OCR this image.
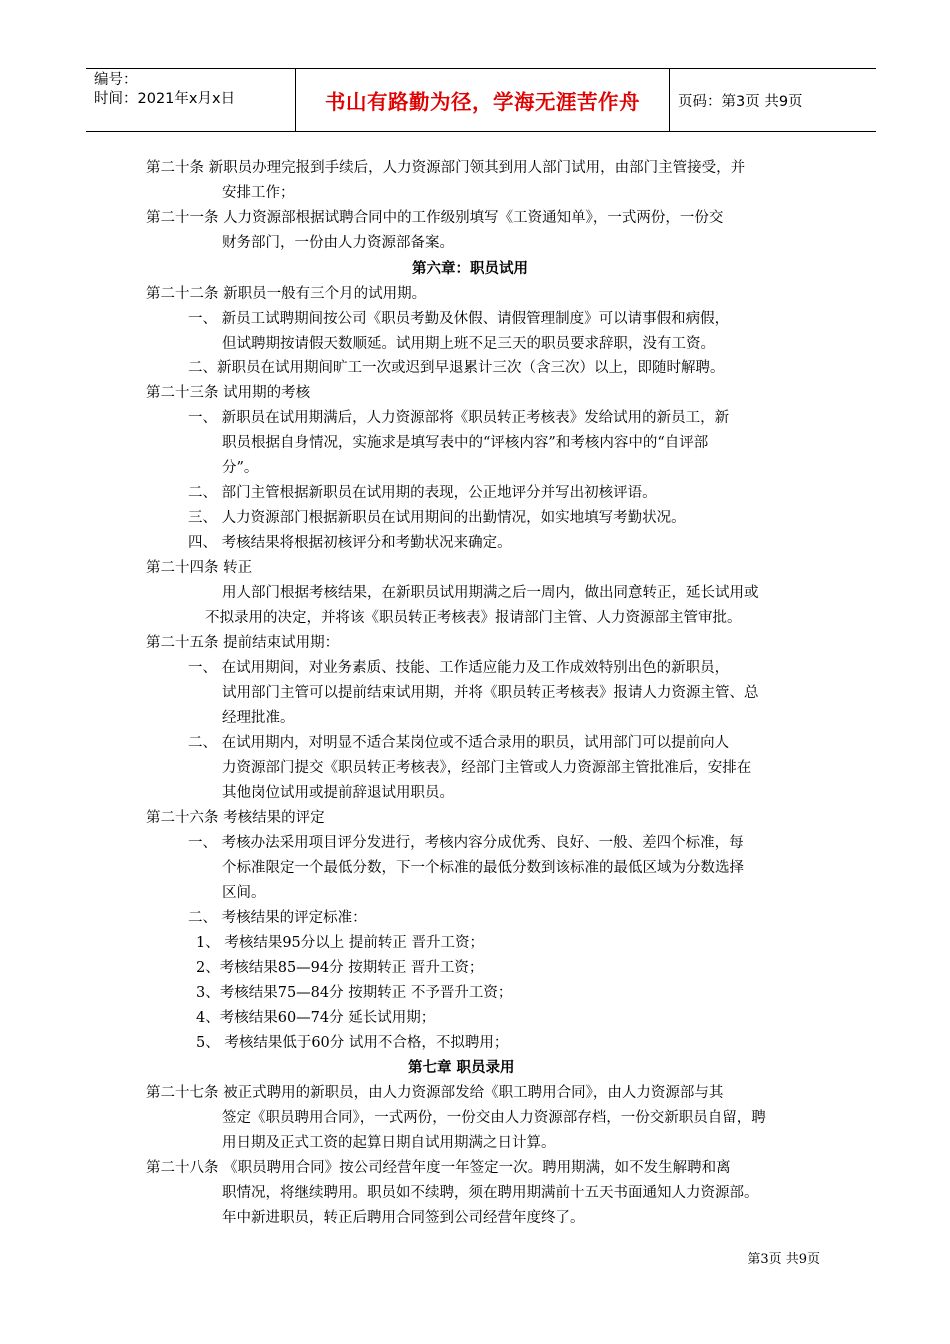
编号：
时间：2021年x月x日	书山有路勤为径，学海无涯苦作舟	页码：第3页 共9页
第二十条 新职员办理完报到手续后，人力资源部门领其到用人部门试用，由部门主管接受，并
安排工作；
第二十一条 人力资源部根据试聘合同中的工作级别填写《工资通知单》，一式两份，一份交
财务部门，一份由人力资源部备案。
第六章：职员试用
第二十二条 新职员一般有三个月的试用期。
一、 新员工试聘期间按公司《职员考勤及休假、请假管理制度》可以请事假和病假，
但试聘期按请假天数顺延。试用期上班不足三天的职员要求辞职，没有工资。
二、新职员在试用期间旷工一次或迟到早退累计三次（含三次）以上，即随时解聘。
第二十三条 试用期的考核
一、 新职员在试用期满后，人力资源部将《职员转正考核表》发给试用的新员工，新
职员根据自身情况，实施求是填写表中的“评核内容”和考核内容中的“自评部
分”。
二、 部门主管根据新职员在试用期的表现，公正地评分并写出初核评语。
三、 人力资源部门根据新职员在试用期间的出勤情况，如实地填写考勤状况。
四、 考核结果将根据初核评分和考勤状况来确定。
第二十四条 转正
用人部门根据考核结果，在新职员试用期满之后一周内，做出同意转正，延长试用或
不拟录用的决定，并将该《职员转正考核表》报请部门主管、人力资源部主管审批。
第二十五条 提前结束试用期：
一、 在试用期间，对业务素质、技能、工作适应能力及工作成效特别出色的新职员，
试用部门主管可以提前结束试用期，并将《职员转正考核表》报请人力资源主管、总
经理批准。
二、 在试用期内，对明显不适合某岗位或不适合录用的职员，试用部门可以提前向人
力资源部门提交《职员转正考核表》，经部门主管或人力资源部主管批准后，安排在
其他岗位试用或提前辞退试用职员。
第二十六条 考核结果的评定
一、 考核办法采用项目评分发进行，考核内容分成优秀、良好、一般、差四个标准，每
个标准限定一个最低分数，下一个标准的最低分数到该标准的最低区域为分数选择
区间。
二、 考核结果的评定标准：
1、 考核结果95分以上 提前转正 晋升工资；
2、考核结果85—94分 按期转正 晋升工资；
3、考核结果75—84分 按期转正 不予晋升工资；
4、考核结果60—74分 延长试用期；
5、 考核结果低于60分 试用不合格，不拟聘用；
第七章 职员录用
第二十七条 被正式聘用的新职员，由人力资源部发给《职工聘用合同》，由人力资源部与其
签定《职员聘用合同》，一式两份，一份交由人力资源部存档，一份交新职员自留，聘
用日期及正式工资的起算日期自试用期满之日计算。
第二十八条 《职员聘用合同》按公司经营年度一年签定一次。聘用期满，如不发生解聘和离
职情况，将继续聘用。职员如不续聘，须在聘用期满前十五天书面通知人力资源部。
年中新进职员，转正后聘用合同签到公司经营年度终了。
第3页 共9页
